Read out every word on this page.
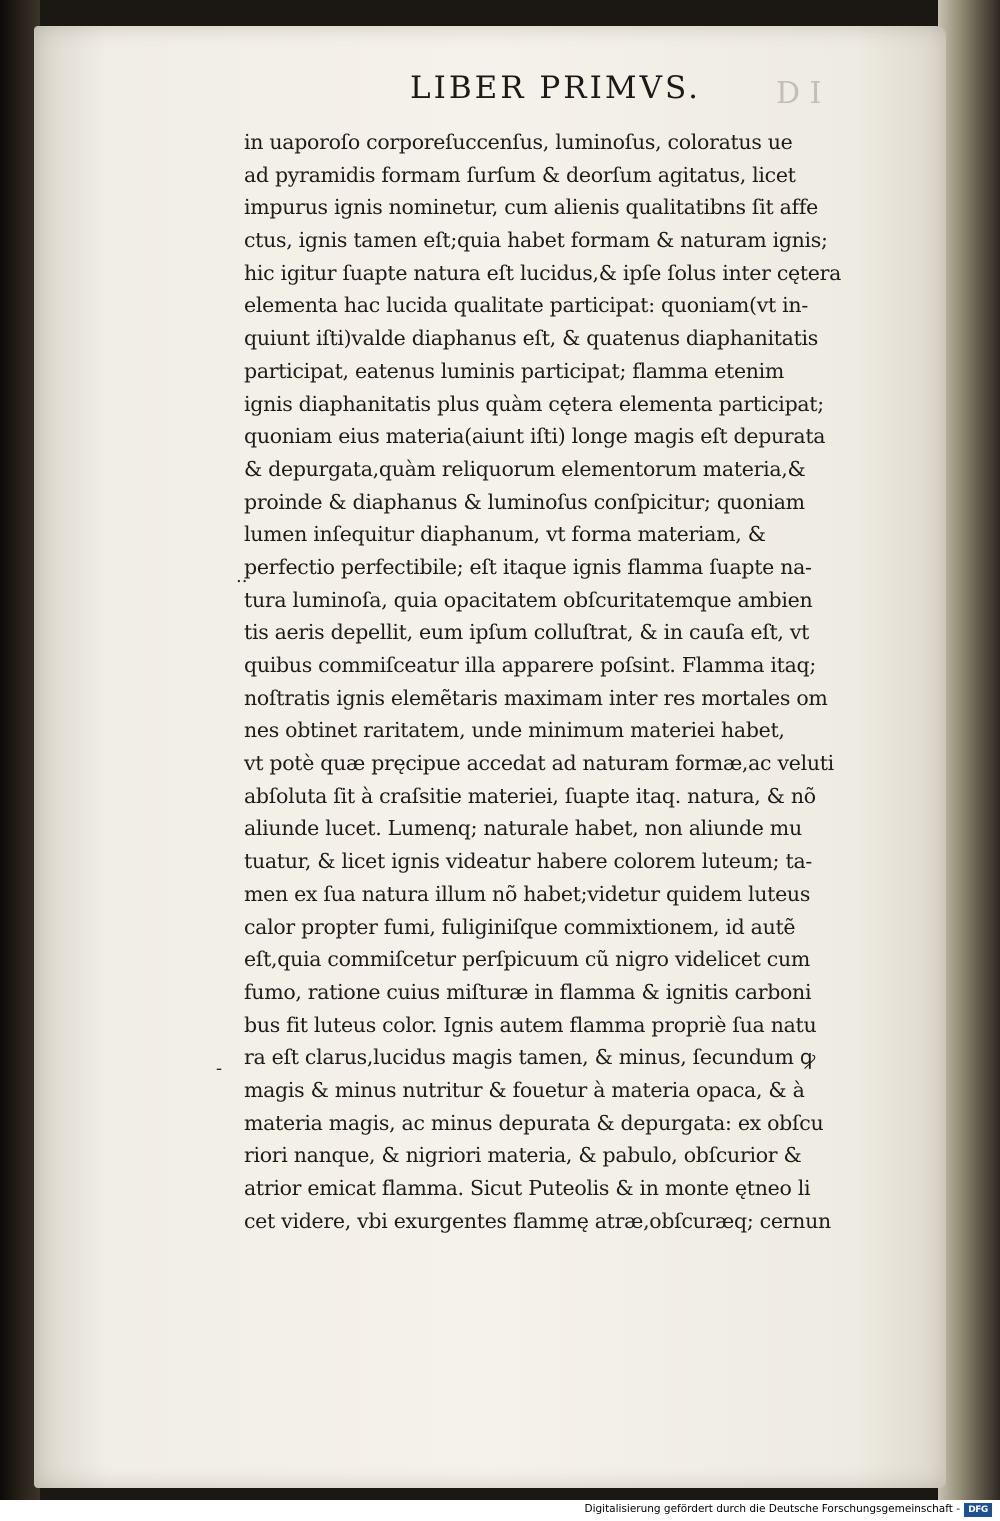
LIBER PRIMVS.	D I
in uaporoſo corporeſuccenſus, luminoſus, coloratus ue
ad pyramidis formam ſurſum & deorſum agitatus, licet
impurus ignis nominetur, cum alienis qualitatibns ſit affe
ctus, ignis tamen eſt;quia habet formam & naturam ignis;
hic igitur ſuapte natura eſt lucidus,& ipſe ſolus inter cętera
elementa hac lucida qualitate participat: quoniam(vt in-
quiunt iſti)valde diaphanus eſt, & quatenus diaphanitatis
participat, eatenus luminis participat; flamma etenim
ignis diaphanitatis plus quàm cętera elementa participat;
quoniam eius materia(aiunt iſti) longe magis eſt depurata
& depurgata,quàm reliquorum elementorum materia,&
proinde & diaphanus & luminoſus conſpicitur; quoniam
lumen inſequitur diaphanum, vt forma materiam, &
perfectio perfectibile; eſt itaque ignis flamma ſuapte na-
tura luminoſa, quia opacitatem obſcuritatemque ambien
tis aeris depellit, eum ipſum colluſtrat, & in cauſa eſt, vt
quibus commiſceatur illa apparere poſsint. Flamma itaq;
noſtratis ignis elemẽtaris maximam inter res mortales om
nes obtinet raritatem, unde minimum materiei habet,
vt potè quæ pręcipue accedat ad naturam formæ,ac veluti
abſoluta ſit à craſsitie materiei, ſuapte itaq. natura, & nõ
aliunde lucet. Lumenq; naturale habet, non aliunde mu
tuatur, & licet ignis videatur habere colorem luteum; ta-
men ex ſua natura illum nõ habet;videtur quidem luteus
calor propter fumi, fuliginiſque commixtionem, id autẽ
eſt,quia commiſcetur perſpicuum cũ nigro videlicet cum
fumo, ratione cuius miſturæ in flamma & ignitis carboni
bus fit luteus color. Ignis autem flamma propriè ſua natu
ra eſt clarus,lucidus magis tamen, & minus, ſecundum ꝙ
magis & minus nutritur & fouetur à materia opaca, & à
materia magis, ac minus depurata & depurgata: ex obſcu
riori nanque, & nigriori materia, & pabulo, obſcurior &
atrior emicat flamma. Sicut Puteolis & in monte ętneo li
cet videre, vbi exurgentes flammę atræ,obſcuræq; cernun
..
-
Digitalisierung gefördert durch die Deutsche Forschungsgemeinschaft - DFG
